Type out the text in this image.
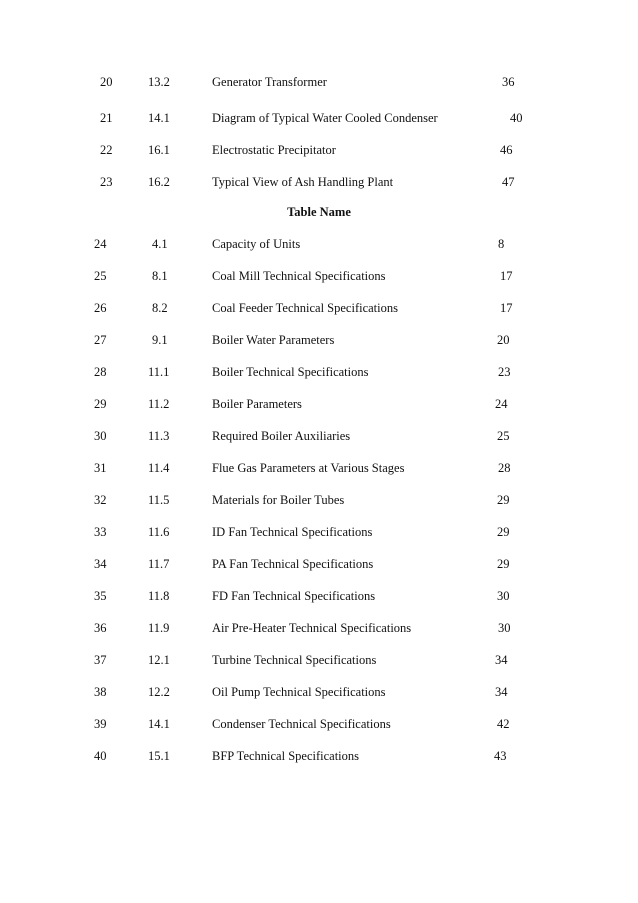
Table Name
20	13.2	Generator Transformer	36
21	14.1	Diagram of Typical Water Cooled Condenser	40
22	16.1	Electrostatic Precipitator	46
23	16.2	Typical View of Ash Handling Plant	47
24	4.1	Capacity of Units	8
25	8.1	Coal Mill Technical Specifications	17
26	8.2	Coal Feeder Technical Specifications	17
27	9.1	Boiler Water Parameters	20
28	11.1	Boiler Technical Specifications	23
29	11.2	Boiler Parameters	24
30	11.3	Required Boiler Auxiliaries	25
31	11.4	Flue Gas Parameters at Various Stages	28
32	11.5	Materials for Boiler Tubes	29
33	11.6	ID Fan Technical Specifications	29
34	11.7	PA Fan Technical Specifications	29
35	11.8	FD Fan Technical Specifications	30
36	11.9	Air Pre-Heater Technical Specifications	30
37	12.1	Turbine Technical Specifications	34
38	12.2	Oil Pump Technical Specifications	34
39	14.1	Condenser Technical Specifications	42
40	15.1	BFP Technical Specifications	43
